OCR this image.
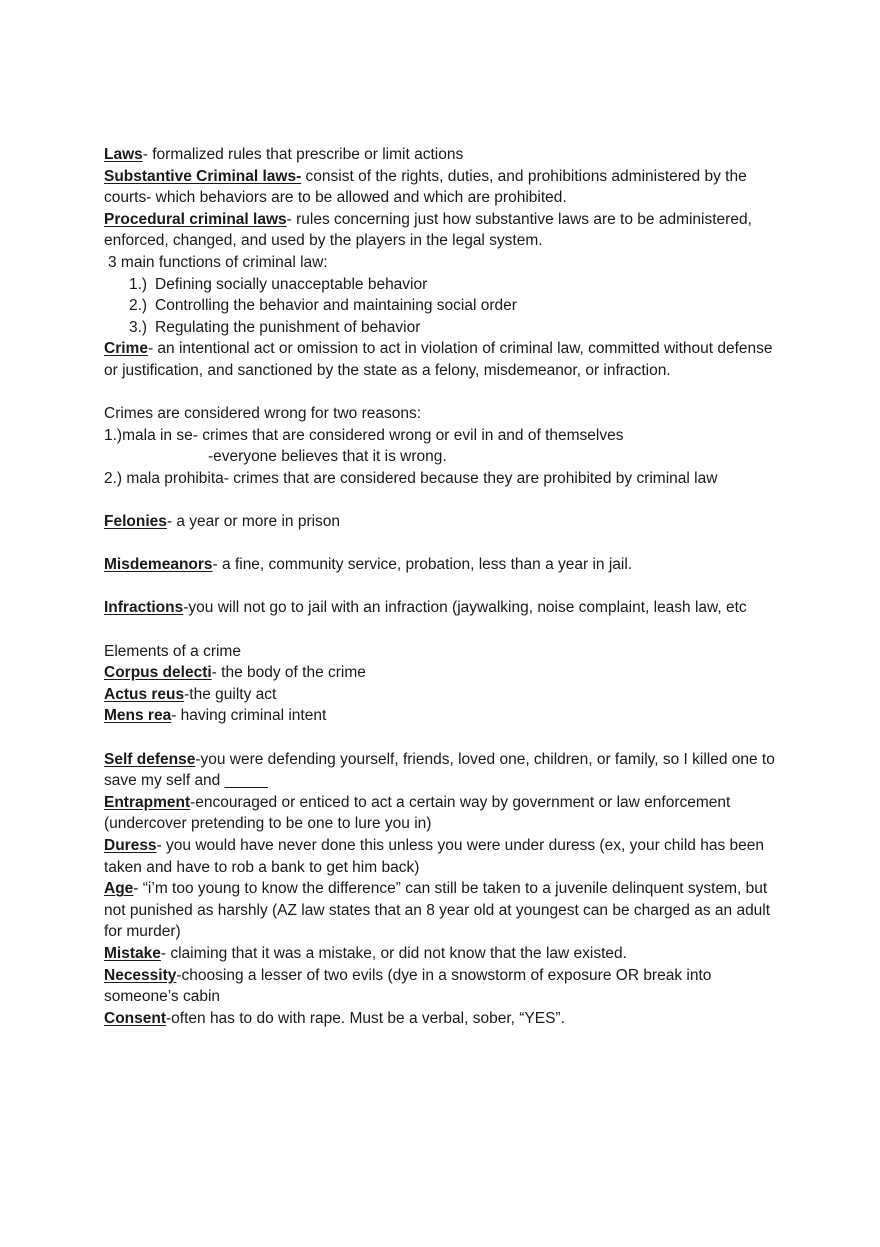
Laws- formalized rules that prescribe or limit actions

Substantive Criminal laws- consist of the rights, duties, and prohibitions administered by the courts- which behaviors are to be allowed and which are prohibited.

Procedural criminal laws- rules concerning just how substantive laws are to be administered, enforced, changed, and used by the players in the legal system.

3 main functions of criminal law:

1.) Defining socially unacceptable behavior

2.) Controlling the behavior and maintaining social order

3.) Regulating the punishment of behavior

Crime- an intentional act or omission to act in violation of criminal law, committed without defense or justification, and sanctioned by the state as a felony, misdemeanor, or infraction.

Crimes are considered wrong for two reasons:

1.)mala in se- crimes that are considered wrong or evil in and of themselves

-everyone believes that it is wrong.

2.) mala prohibita- crimes that are considered because they are prohibited by criminal law

Felonies- a year or more in prison

Misdemeanors- a fine, community service, probation, less than a year in jail.

Infractions-you will not go to jail with an infraction (jaywalking, noise complaint, leash law, etc

Elements of a crime

Corpus delecti- the body of the crime

Actus reus-the guilty act

Mens rea- having criminal intent

Self defense-you were defending yourself, friends, loved one, children, or family, so I killed one to save my self and _____

Entrapment-encouraged or enticed to act a certain way by government or law enforcement (undercover pretending to be one to lure you in)

Duress- you would have never done this unless you were under duress (ex, your child has been taken and have to rob a bank to get him back)

Age- “i’m too young to know the difference” can still be taken to a juvenile delinquent system, but not punished as harshly (AZ law states that an 8 year old at youngest can be charged as an adult for murder)

Mistake- claiming that it was a mistake, or did not know that the law existed.

Necessity-choosing a lesser of two evils (dye in a snowstorm of exposure OR break into someone’s cabin

Consent-often has to do with rape. Must be a verbal, sober, “YES”.
